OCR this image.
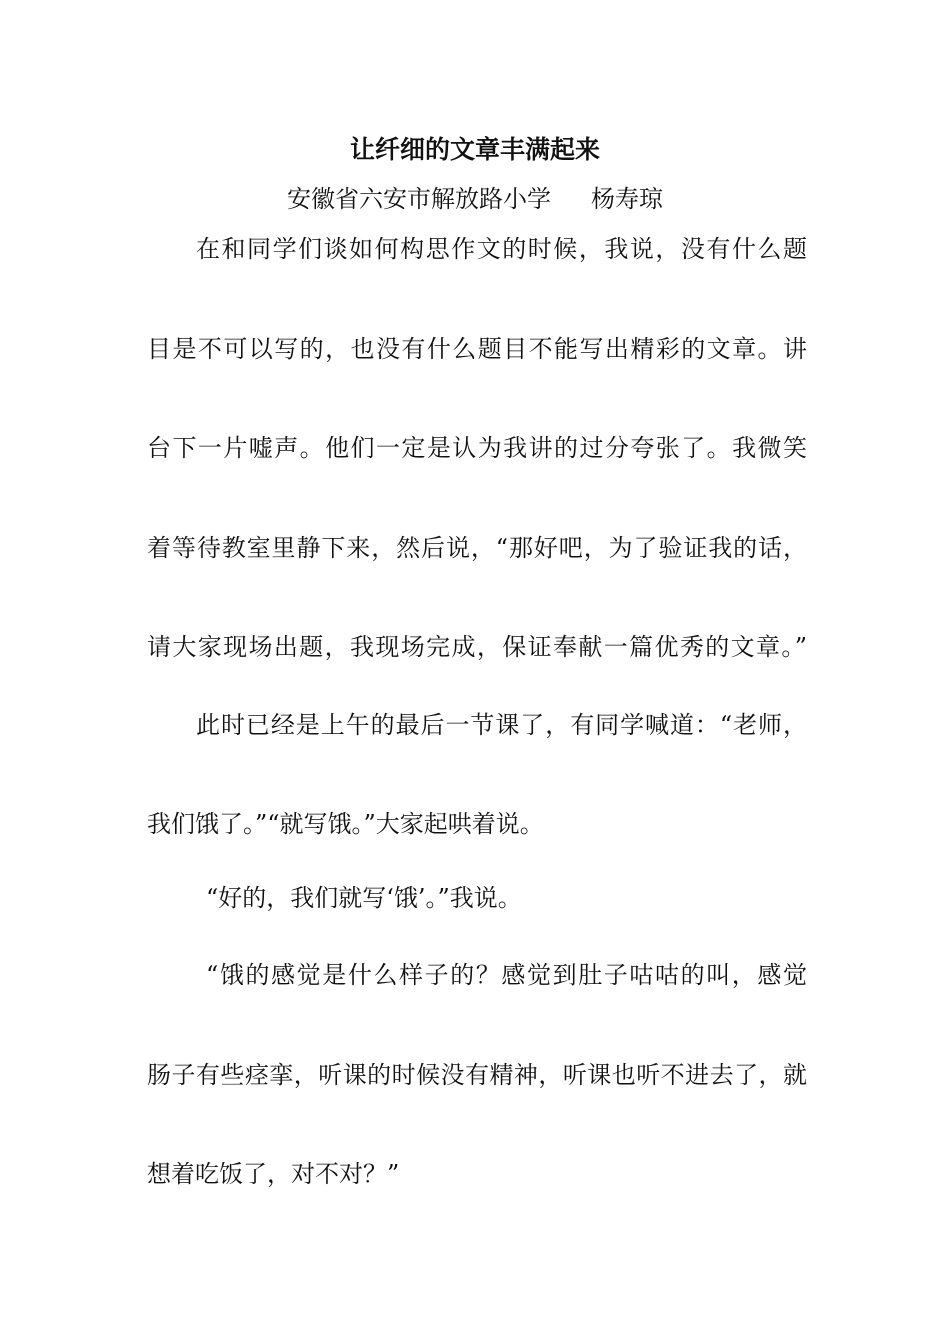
让纤细的文章丰满起来
安徽省六安市解放路小学 杨寿琼
在和同学们谈如何构思作文的时候，我说，没有什么题
目是不可以写的，也没有什么题目不能写出精彩的文章。讲
台下一片嘘声。他们一定是认为我讲的过分夸张了。我微笑
着等待教室里静下来，然后说，“那好吧，为了验证我的话，
请大家现场出题，我现场完成，保证奉献一篇优秀的文章。”
此时已经是上午的最后一节课了，有同学喊道：“老师，
我们饿了。”“就写饿。”大家起哄着说。
“好的，我们就写‘饿’。”我说。
“饿的感觉是什么样子的？感觉到肚子咕咕的叫，感觉
肠子有些痉挛，听课的时候没有精神，听课也听不进去了，就
想着吃饭了，对不对？”
